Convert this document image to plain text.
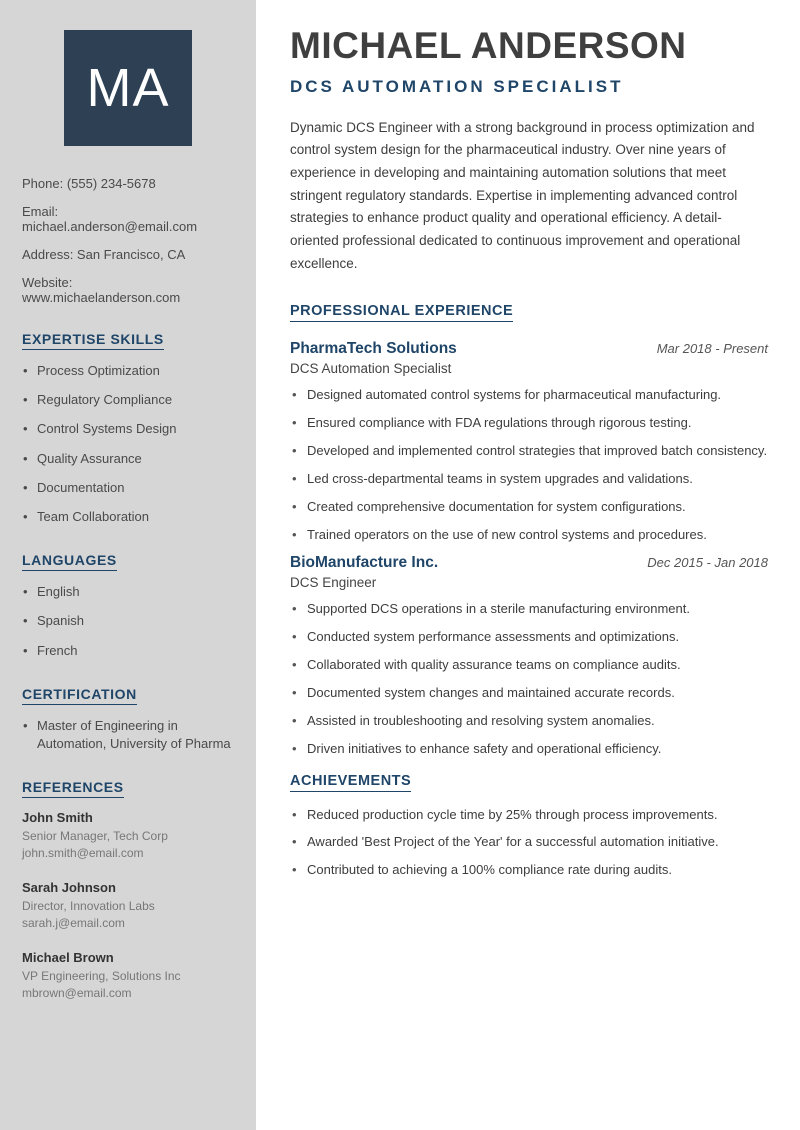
MA

Phone: (555) 234-5678

Email: michael.anderson@email.com

Address: San Francisco, CA

Website: www.michaelanderson.com

EXPERTISE SKILLS
• Process Optimization
• Regulatory Compliance
• Control Systems Design
• Quality Assurance
• Documentation
• Team Collaboration
LANGUAGES
• English
• Spanish
• French
CERTIFICATION
• Master of Engineering in Automation, University of Pharma
REFERENCES

John Smith

Senior Manager, Tech Corp

john.smith@email.com

Sarah Johnson

Director, Innovation Labs

sarah.j@email.com

Michael Brown

VP Engineering, Solutions Inc

mbrown@email.com

MICHAEL ANDERSON
DCS AUTOMATION SPECIALIST

Dynamic DCS Engineer with a strong background in process optimization and control system design for the pharmaceutical industry. Over nine years of experience in developing and maintaining automation solutions that meet stringent regulatory standards. Expertise in implementing advanced control strategies to enhance product quality and operational efficiency. A detail-oriented professional dedicated to continuous improvement and operational excellence.

PROFESSIONAL EXPERIENCE
PharmaTech Solutions	Mar 2018 - Present
DCS Automation Specialist
• Designed automated control systems for pharmaceutical manufacturing.
• Ensured compliance with FDA regulations through rigorous testing.
• Developed and implemented control strategies that improved batch consistency.
• Led cross-departmental teams in system upgrades and validations.
• Created comprehensive documentation for system configurations.
• Trained operators on the use of new control systems and procedures.
BioManufacture Inc.	Dec 2015 - Jan 2018
DCS Engineer
• Supported DCS operations in a sterile manufacturing environment.
• Conducted system performance assessments and optimizations.
• Collaborated with quality assurance teams on compliance audits.
• Documented system changes and maintained accurate records.
• Assisted in troubleshooting and resolving system anomalies.
• Driven initiatives to enhance safety and operational efficiency.
ACHIEVEMENTS
• Reduced production cycle time by 25% through process improvements.
• Awarded 'Best Project of the Year' for a successful automation initiative.
• Contributed to achieving a 100% compliance rate during audits.
